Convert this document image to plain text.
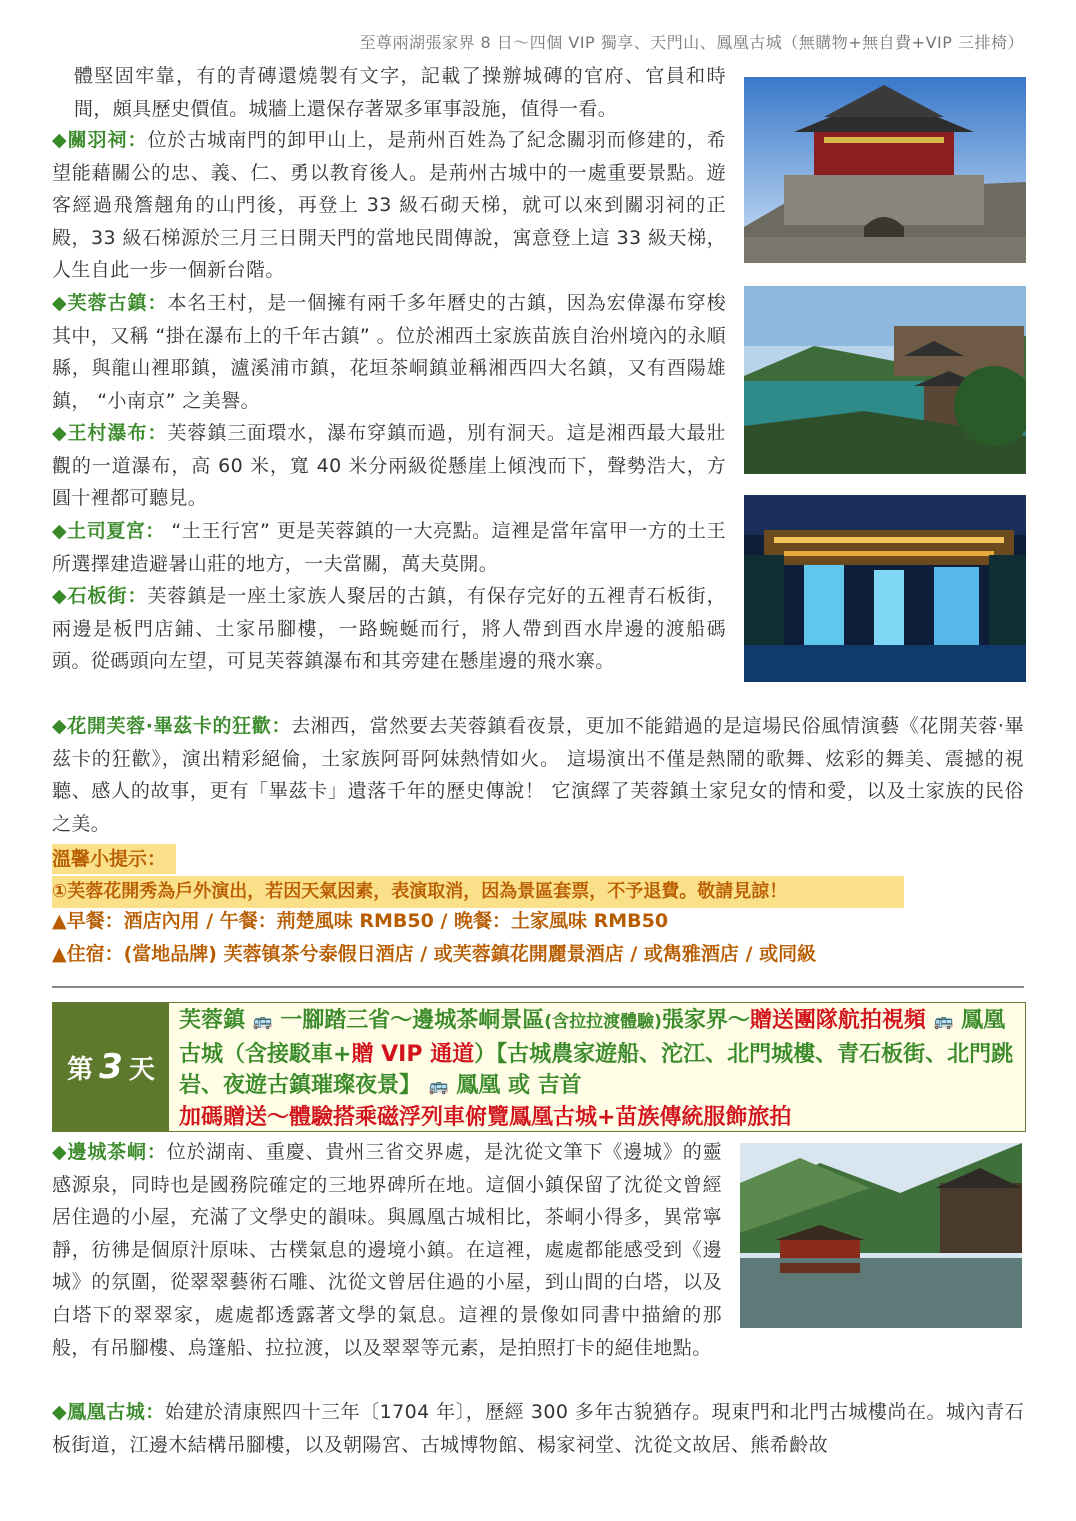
至尊兩湖張家界 8 日～四個 VIP 獨享、天門山、鳳凰古城（無購物+無自費+VIP 三排椅）
體堅固牢靠，有的青磚還燒製有文字，記載了操辦城磚的官府、官員和時間，頗具歷史價值。城牆上還保存著眾多軍事設施，值得一看。
◆關羽祠：位於古城南門的卸甲山上，是荊州百姓為了紀念關羽而修建的，希望能藉關公的忠、義、仁、勇以教育後人。是荊州古城中的一處重要景點。遊客經過飛簷翹角的山門後，再登上 33 級石砌天梯，就可以來到關羽祠的正殿，33 級石梯源於三月三日開天門的當地民間傳說，寓意登上這 33 級天梯，人生自此一步一個新台階。
◆芙蓉古鎮：本名王村，是一個擁有兩千多年曆史的古鎮，因為宏偉瀑布穿梭其中，又稱 “掛在瀑布上的千年古鎮” 。位於湘西土家族苗族自治州境內的永順縣，與龍山裡耶鎮，瀘溪浦市鎮，花垣茶峒鎮並稱湘西四大名鎮，又有酉陽雄鎮， “小南京” 之美譽。
◆王村瀑布：芙蓉鎮三面環水，瀑布穿鎮而過，別有洞天。這是湘西最大最壯觀的一道瀑布，高 60 米，寬 40 米分兩級從懸崖上傾洩而下，聲勢浩大，方圓十裡都可聽見。
◆土司夏宮： “土王行宮” 更是芙蓉鎮的一大亮點。這裡是當年富甲一方的土王所選擇建造避暑山莊的地方，一夫當關，萬夫莫開。
◆石板街：芙蓉鎮是一座土家族人聚居的古鎮，有保存完好的五裡青石板街，兩邊是板門店鋪、土家吊腳樓，一路蜿蜒而行，將人帶到酉水岸邊的渡船碼頭。從碼頭向左望，可見芙蓉鎮瀑布和其旁建在懸崖邊的飛水寨。
◆花開芙蓉·畢茲卡的狂歡：去湘西，當然要去芙蓉鎮看夜景，更加不能錯過的是這場民俗風情演藝《花開芙蓉·畢茲卡的狂歡》，演出精彩絕倫，土家族阿哥阿妹熱情如火。 這場演出不僅是熱鬧的歌舞、炫彩的舞美、震撼的視聽、感人的故事，更有「畢茲卡」遺落千年的歷史傳說！ 它演繹了芙蓉鎮土家兒女的情和愛，以及土家族的民俗之美。
溫馨小提示：
①芙蓉花開秀為戶外演出，若因天氣因素，表演取消，因為景區套票，不予退費。敬請見諒！
▲早餐：酒店內用 / 午餐：荊楚風味 RMB50 / 晚餐：土家風味 RMB50
▲住宿：(當地品牌) 芙蓉镇茶兮泰假日酒店 / 或芙蓉鎮花開麗景酒店 / 或雋雅酒店 / 或同級
第 3 天
芙蓉鎮 🚌 一腳踏三省～邊城茶峒景區(含拉拉渡體驗)張家界～贈送團隊航拍視頻 🚌 鳳凰古城（含接駁車+贈 VIP 通道）【古城農家遊船、沱江、北門城樓、青石板街、北門跳岩、夜遊古鎮璀璨夜景】 🚌 鳳凰 或 吉首
加碼贈送～體驗搭乘磁浮列車俯覽鳳凰古城+苗族傳統服飾旅拍
◆邊城茶峒：位於湖南、重慶、貴州三省交界處，是沈從文筆下《邊城》的靈感源泉，同時也是國務院確定的三地界碑所在地。這個小鎮保留了沈從文曾經居住過的小屋，充滿了文學史的韻味。與鳳凰古城相比，茶峒小得多，異常寧靜，彷彿是個原汁原味、古樸氣息的邊境小鎮。在這裡，處處都能感受到《邊城》的氛圍，從翠翠藝術石雕、沈從文曾居住過的小屋，到山間的白塔，以及白塔下的翠翠家，處處都透露著文學的氣息。這裡的景像如同書中描繪的那般，有吊腳樓、烏篷船、拉拉渡，以及翠翠等元素，是拍照打卡的絕佳地點。
◆鳳凰古城：始建於清康熙四十三年〔1704 年〕，歷經 300 多年古貌猶存。現東門和北門古城樓尚在。城內青石板街道，江邊木結構吊腳樓，以及朝陽宮、古城博物館、楊家祠堂、沈從文故居、熊希齡故
